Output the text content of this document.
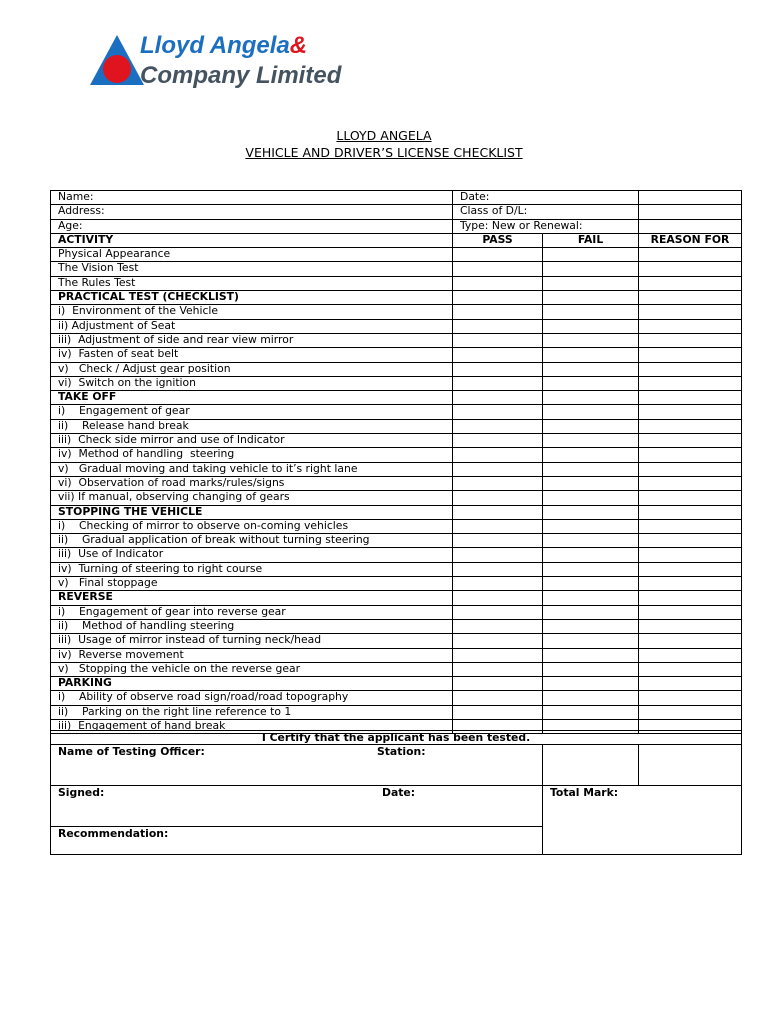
Lloyd Angela&
Company Limited
LLOYD ANGELA
VEHICLE AND DRIVER’S LICENSE CHECKLIST
Name:	Date:		
Address:	Class of D/L:		
Age:	Type: New or Renewal:		
ACTIVITY	PASS	FAIL	REASON FOR
Physical Appearance			
The Vision Test			
The Rules Test			
PRACTICAL TEST (CHECKLIST)			
i)  Environment of the Vehicle			
ii) Adjustment of Seat			
iii)  Adjustment of side and rear view mirror			
iv)  Fasten of seat belt			
v)   Check / Adjust gear position			
vi)  Switch on the ignition			
TAKE OFF			
i)    Engagement of gear			
ii)    Release hand break			
iii)  Check side mirror and use of Indicator			
iv)  Method of handling  steering			
v)   Gradual moving and taking vehicle to it’s right lane			
vi)  Observation of road marks/rules/signs			
vii) If manual, observing changing of gears			
STOPPING THE VEHICLE			
i)    Checking of mirror to observe on-coming vehicles			
ii)    Gradual application of break without turning steering			
iii)  Use of Indicator			
iv)  Turning of steering to right course			
v)   Final stoppage			
REVERSE			
i)    Engagement of gear into reverse gear			
ii)    Method of handling steering			
iii)  Usage of mirror instead of turning neck/head			
iv)  Reverse movement			
v)   Stopping the vehicle on the reverse gear			
PARKING			
i)    Ability of observe road sign/road/road topography			
ii)    Parking on the right line reference to 1			
iii)  Engagement of hand break			
I Certify that the applicant has been tested.		
Name of Testing Officer: Station:		

Signed: Date:	Total Mark:	
Recommendation:		
